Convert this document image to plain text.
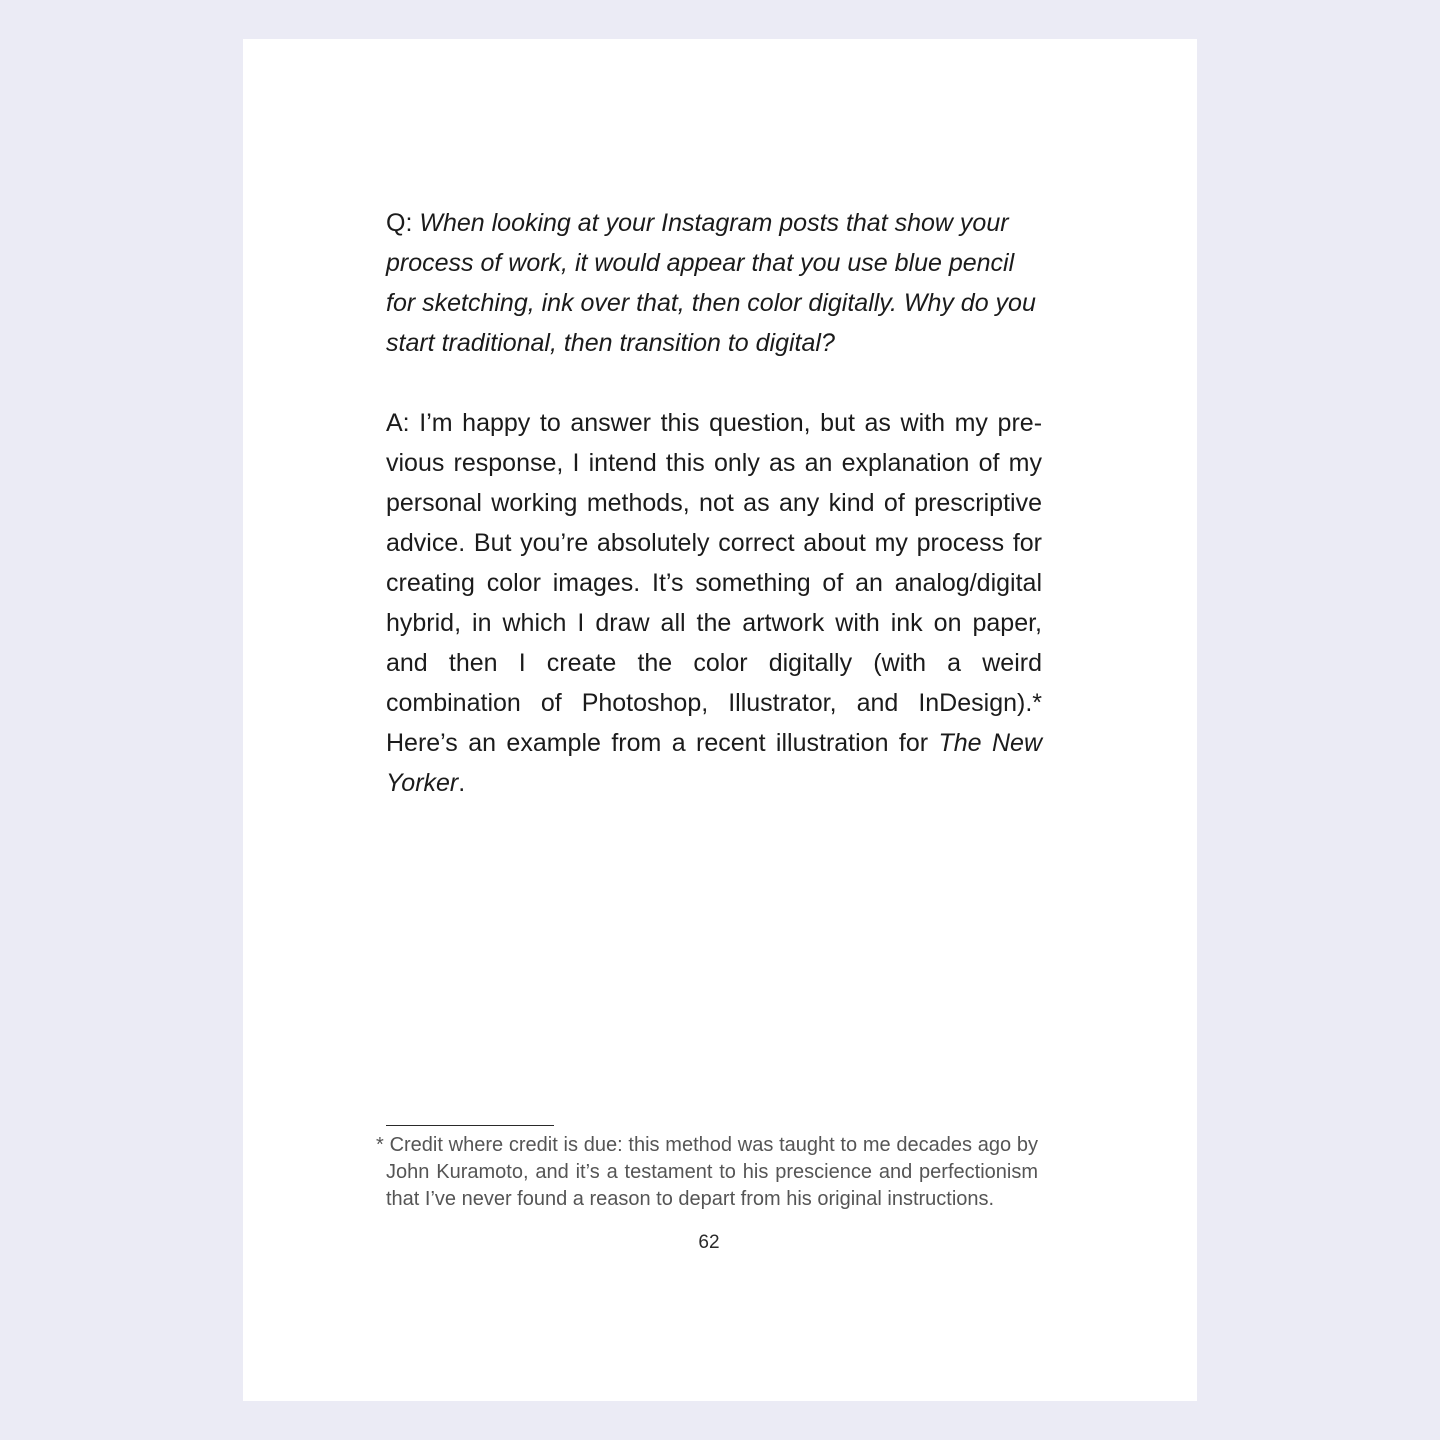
Q: When looking at your Instagram posts that show your process of work, it would appear that you use blue pencil for sketching, ink over that, then color digitally. Why do you start traditional, then transition to digital?
A: I’m happy to answer this question, but as with my previous response, I intend this only as an explanation of my personal working methods, not as any kind of prescriptive advice. But you’re absolutely correct about my process for creating color images. It’s something of an analog/digital hybrid, in which I draw all the artwork with ink on paper, and then I create the color digitally (with a weird combination of Photoshop, Illustrator, and InDesign).* Here’s an example from a recent illustration for The New Yorker.
* Credit where credit is due: this method was taught to me decades ago by John Kuramoto, and it’s a testament to his prescience and perfectionism that I’ve never found a reason to depart from his original instructions.
62
